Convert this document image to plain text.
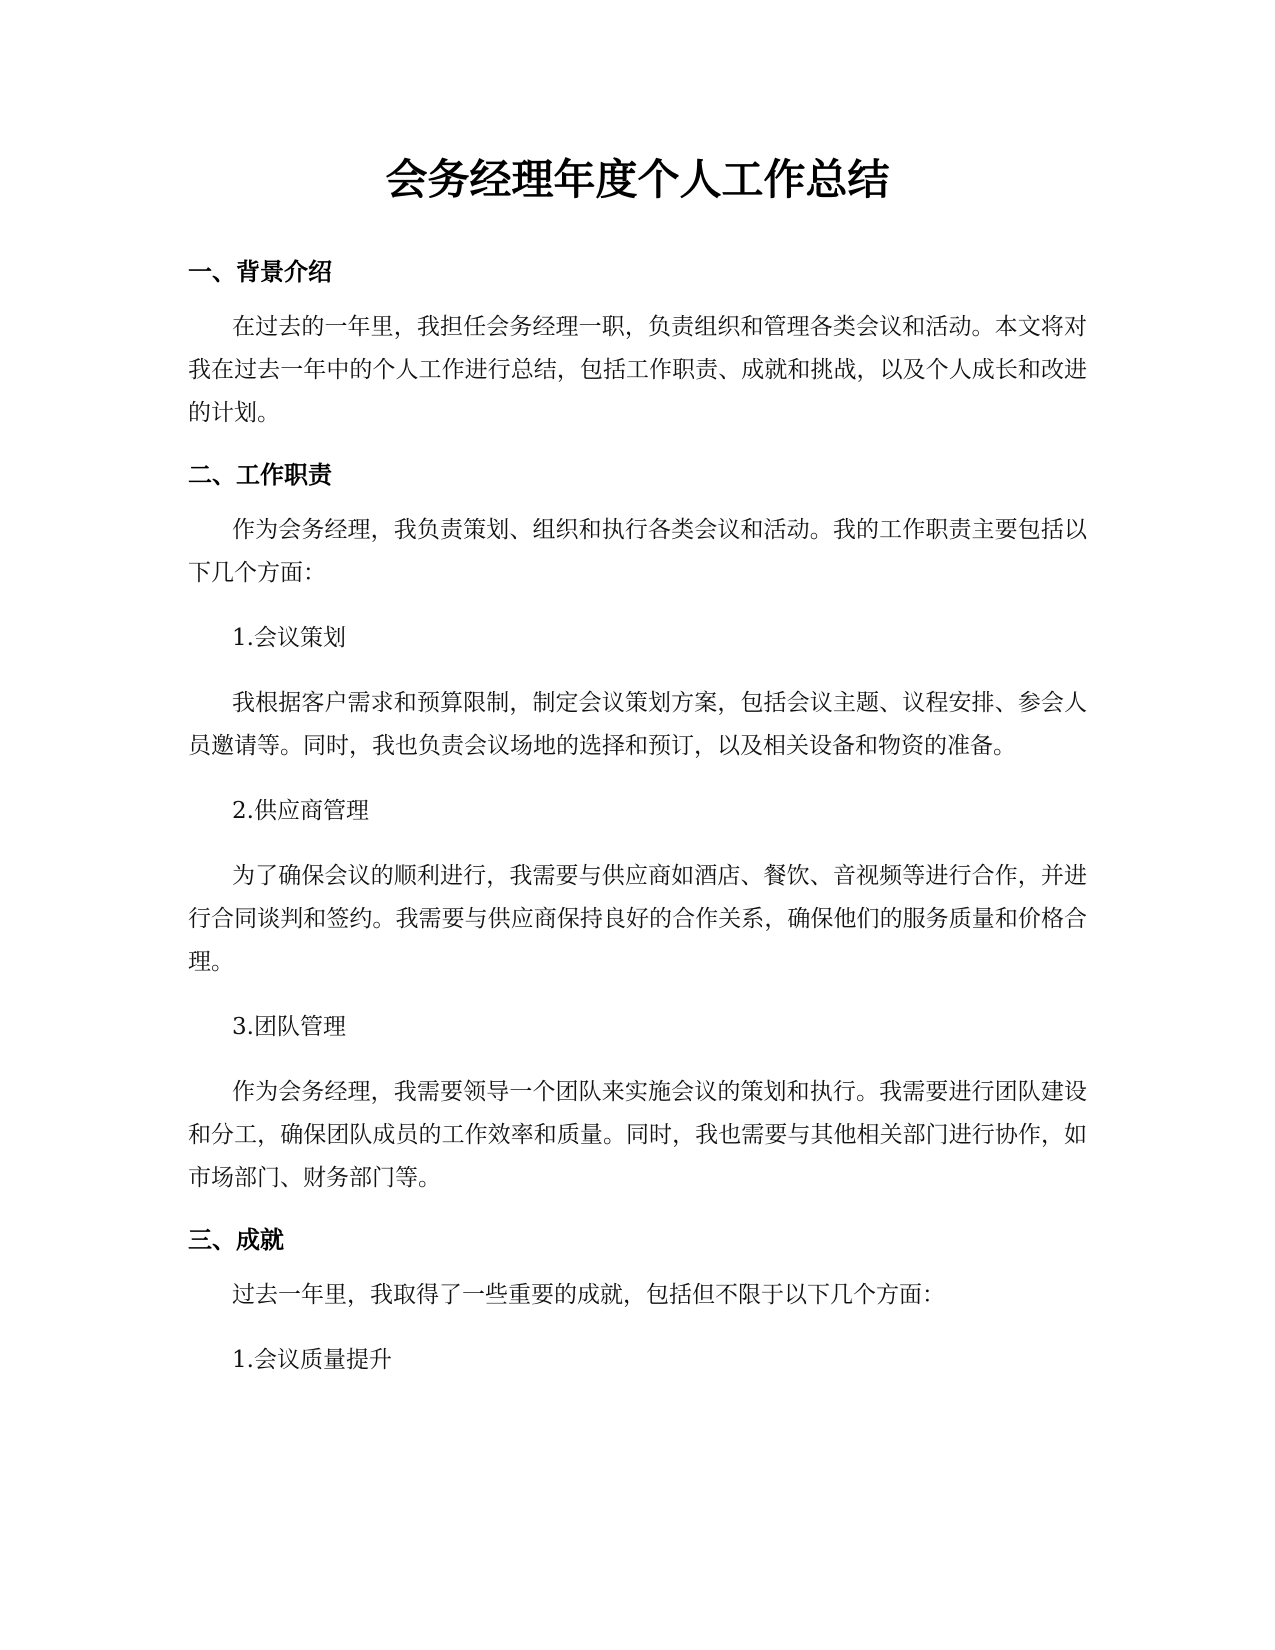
会务经理年度个人工作总结
一、背景介绍

在过去的一年里，我担任会务经理一职，负责组织和管理各类会议和活动。本文将对我在过去一年中的个人工作进行总结，包括工作职责、成就和挑战，以及个人成长和改进的计划。

二、工作职责

作为会务经理，我负责策划、组织和执行各类会议和活动。我的工作职责主要包括以下几个方面：

1.会议策划

我根据客户需求和预算限制，制定会议策划方案，包括会议主题、议程安排、参会人员邀请等。同时，我也负责会议场地的选择和预订，以及相关设备和物资的准备。

2.供应商管理

为了确保会议的顺利进行，我需要与供应商如酒店、餐饮、音视频等进行合作，并进行合同谈判和签约。我需要与供应商保持良好的合作关系，确保他们的服务质量和价格合理。

3.团队管理

作为会务经理，我需要领导一个团队来实施会议的策划和执行。我需要进行团队建设和分工，确保团队成员的工作效率和质量。同时，我也需要与其他相关部门进行协作，如市场部门、财务部门等。

三、成就

过去一年里，我取得了一些重要的成就，包括但不限于以下几个方面：

1.会议质量提升
